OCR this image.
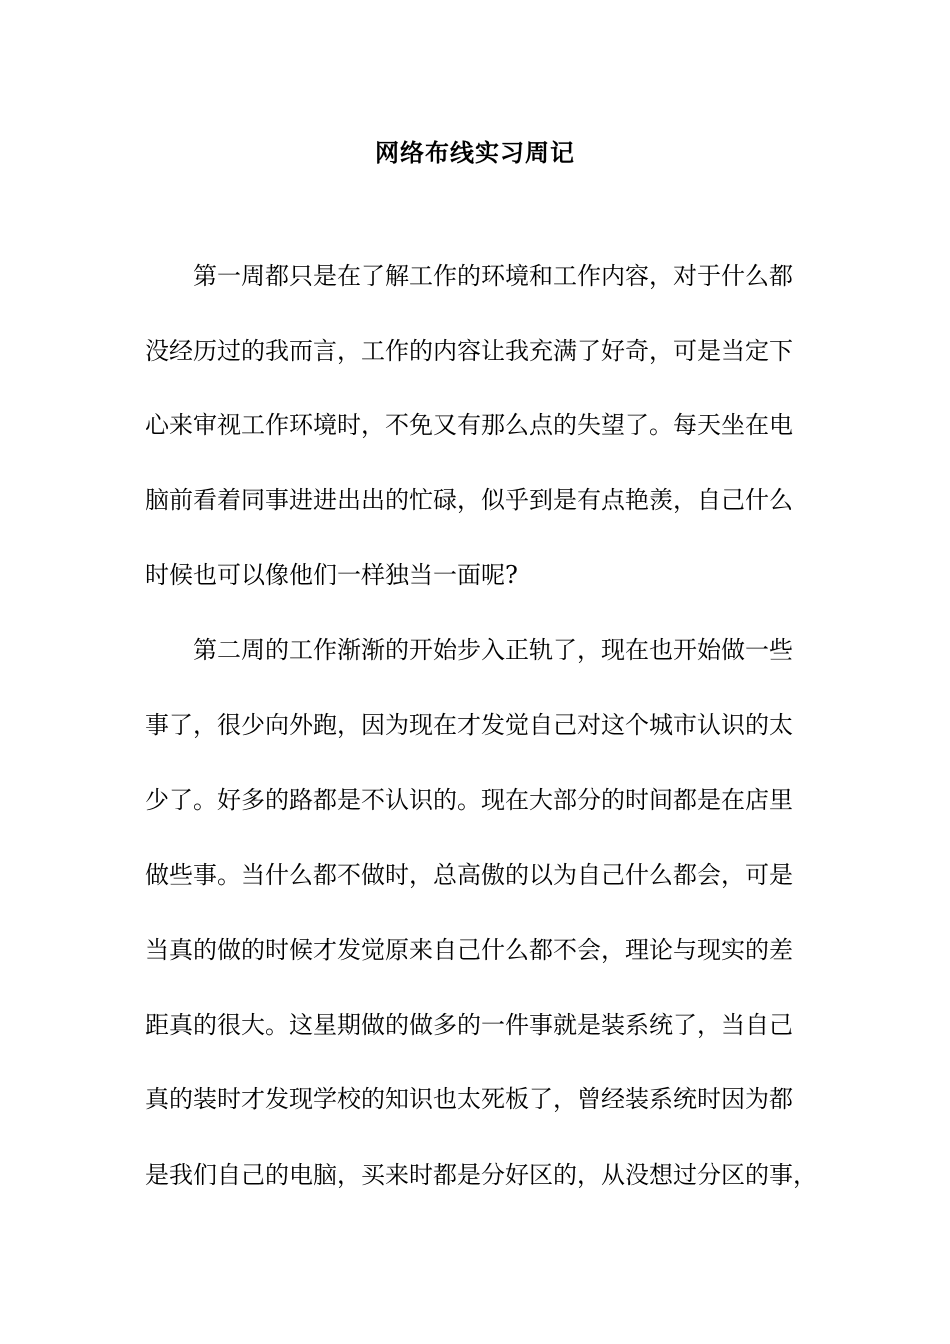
网络布线实习周记
第一周都只是在了解工作的环境和工作内容，对于什么都
没经历过的我而言，工作的内容让我充满了好奇，可是当定下
心来审视工作环境时，不免又有那么点的失望了。每天坐在电
脑前看着同事进进出出的忙碌，似乎到是有点艳羡，自己什么
时候也可以像他们一样独当一面呢?
第二周的工作渐渐的开始步入正轨了，现在也开始做一些
事了，很少向外跑，因为现在才发觉自己对这个城市认识的太
少了。好多的路都是不认识的。现在大部分的时间都是在店里
做些事。当什么都不做时，总高傲的以为自己什么都会，可是
当真的做的时候才发觉原来自己什么都不会，理论与现实的差
距真的很大。这星期做的做多的一件事就是装系统了，当自己
真的装时才发现学校的知识也太死板了，曾经装系统时因为都
是我们自己的电脑，买来时都是分好区的，从没想过分区的事，
